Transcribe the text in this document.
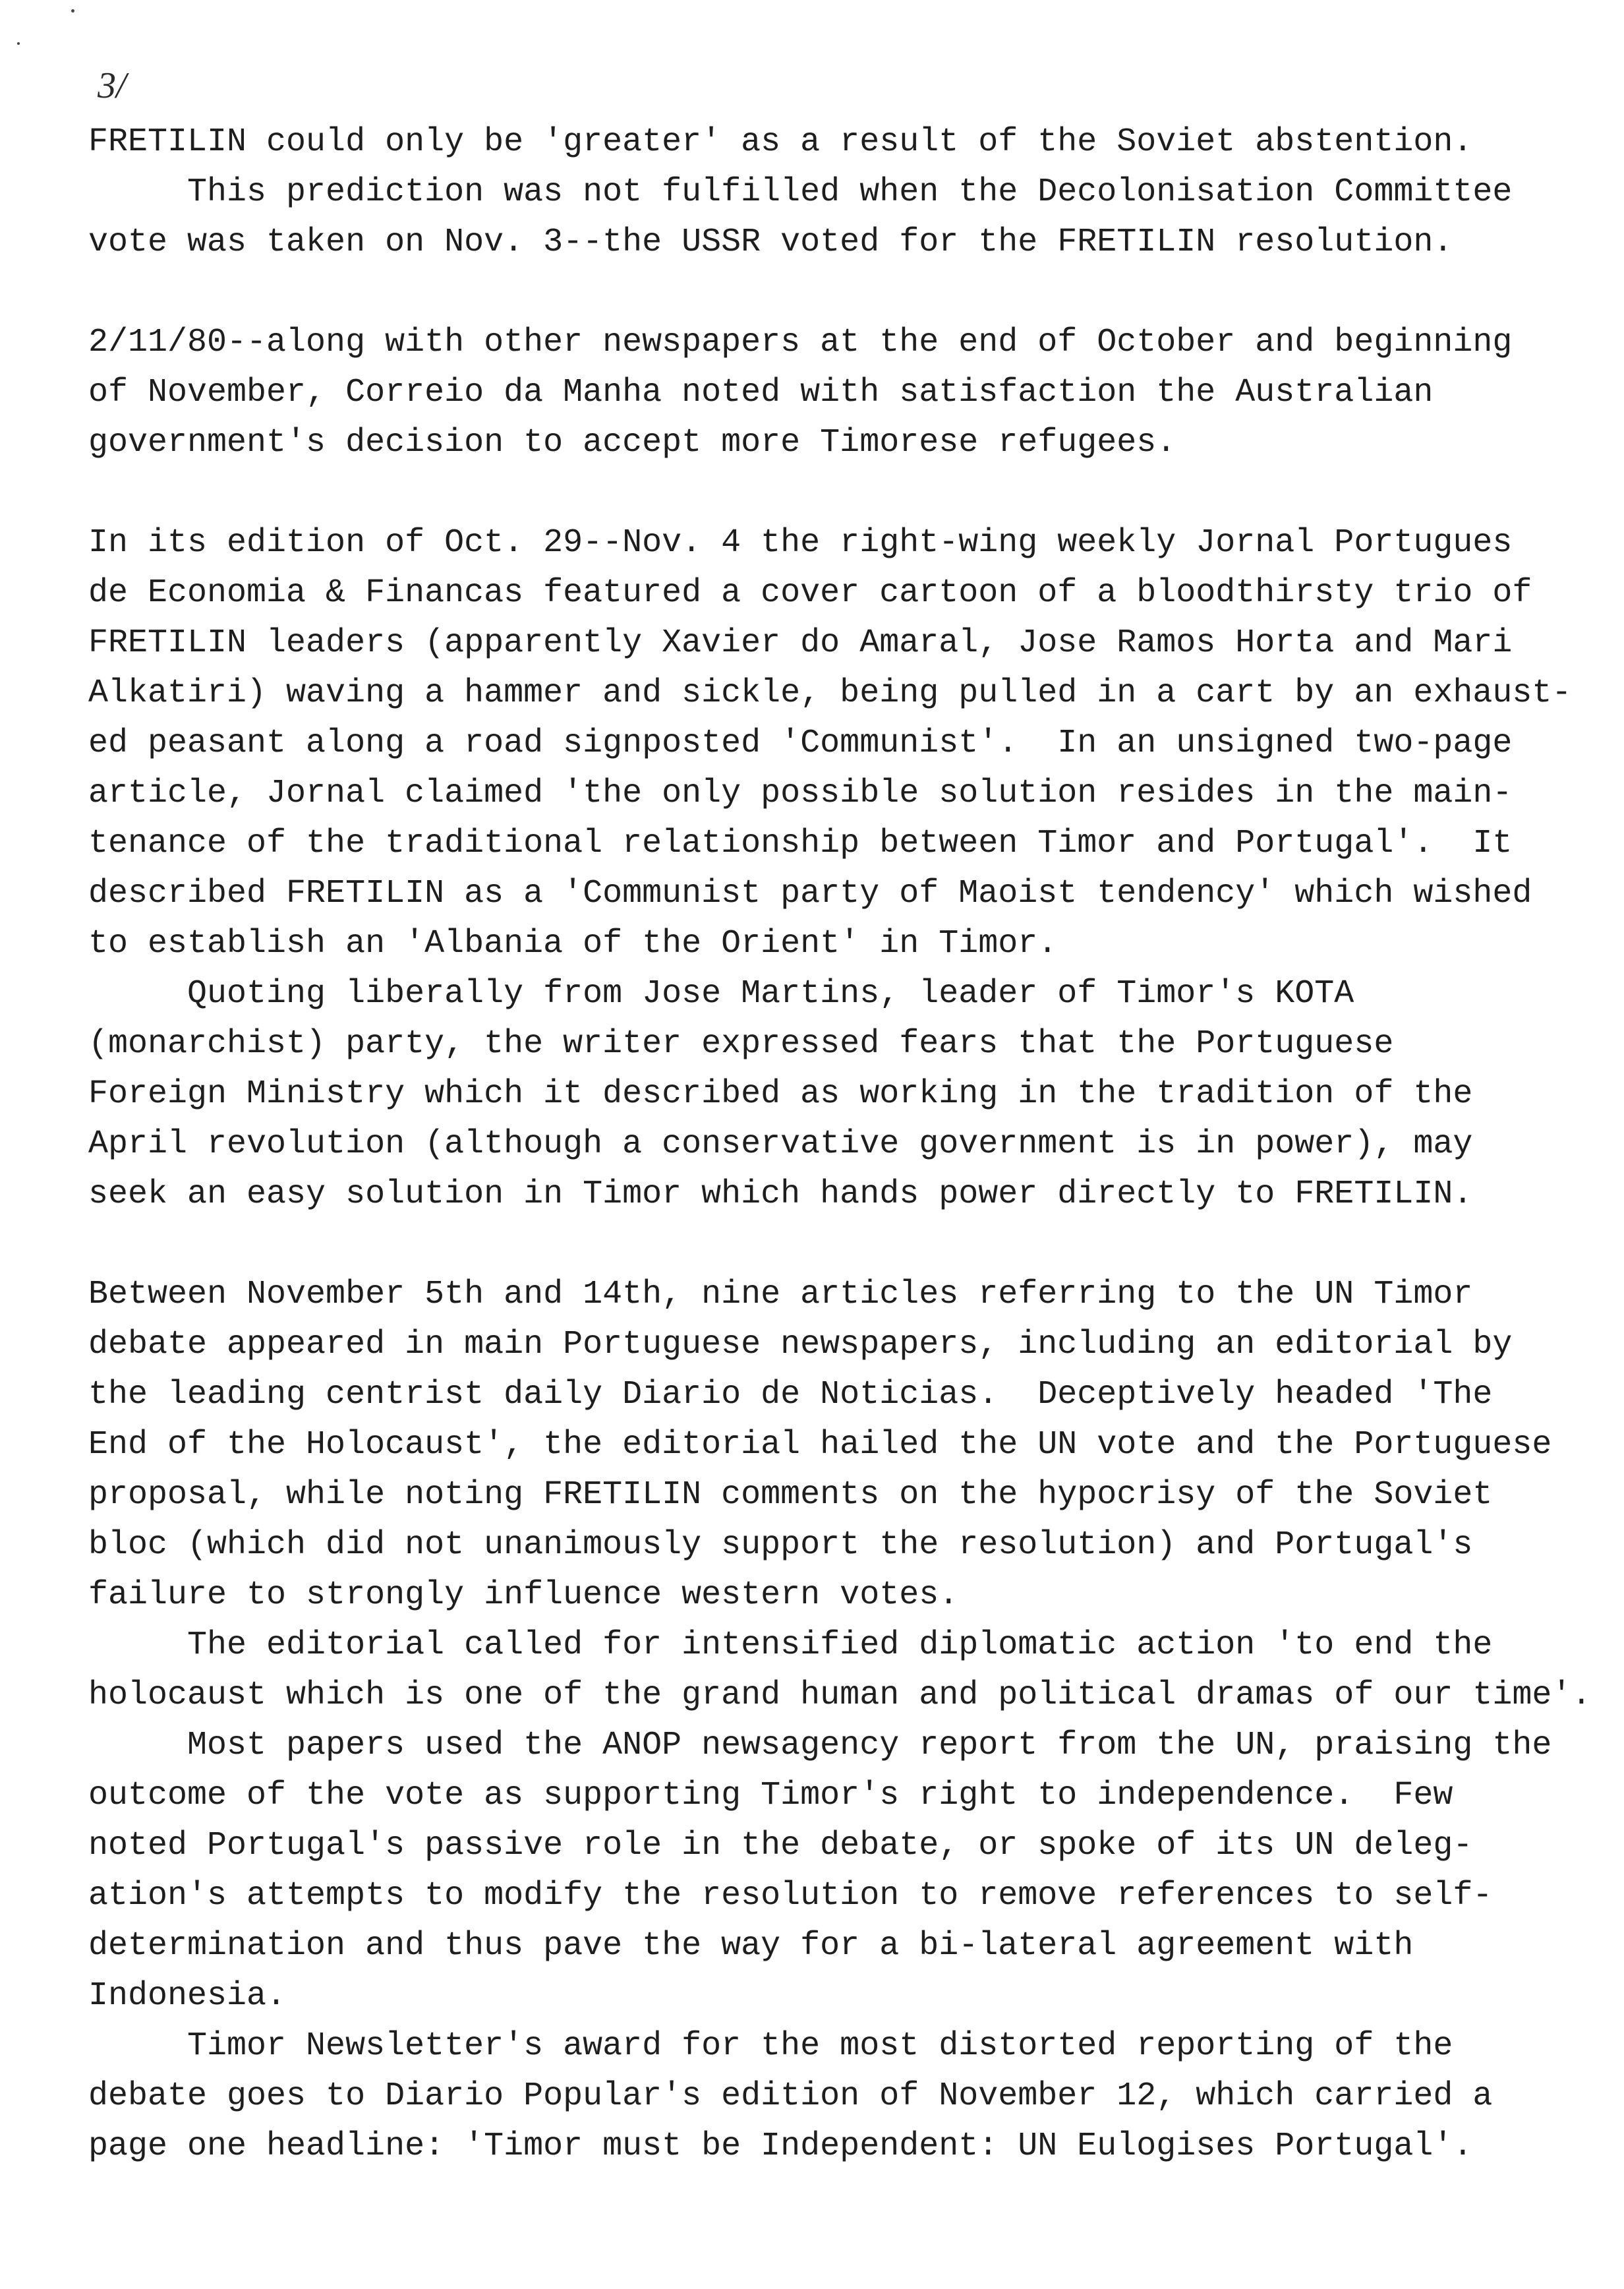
3/
FRETILIN could only be 'greater' as a result of the Soviet abstention.
This prediction was not fulfilled when the Decolonisation Committee
vote was taken on Nov. 3--the USSR voted for the FRETILIN resolution.
2/11/80--along with other newspapers at the end of October and beginning
of November, Correio da Manha noted with satisfaction the Australian
government's decision to accept more Timorese refugees.
In its edition of Oct. 29--Nov. 4 the right-wing weekly Jornal Portugues
de Economia & Financas featured a cover cartoon of a bloodthirsty trio of
FRETILIN leaders (apparently Xavier do Amaral, Jose Ramos Horta and Mari
Alkatiri) waving a hammer and sickle, being pulled in a cart by an exhaust-
ed peasant along a road signposted 'Communist'.  In an unsigned two-page
article, Jornal claimed 'the only possible solution resides in the main-
tenance of the traditional relationship between Timor and Portugal'.  It
described FRETILIN as a 'Communist party of Maoist tendency' which wished
to establish an 'Albania of the Orient' in Timor.
Quoting liberally from Jose Martins, leader of Timor's KOTA
(monarchist) party, the writer expressed fears that the Portuguese
Foreign Ministry which it described as working in the tradition of the
April revolution (although a conservative government is in power), may
seek an easy solution in Timor which hands power directly to FRETILIN.
Between November 5th and 14th, nine articles referring to the UN Timor
debate appeared in main Portuguese newspapers, including an editorial by
the leading centrist daily Diario de Noticias.  Deceptively headed 'The
End of the Holocaust', the editorial hailed the UN vote and the Portuguese
proposal, while noting FRETILIN comments on the hypocrisy of the Soviet
bloc (which did not unanimously support the resolution) and Portugal's
failure to strongly influence western votes.
The editorial called for intensified diplomatic action 'to end the
holocaust which is one of the grand human and political dramas of our time'.
Most papers used the ANOP newsagency report from the UN, praising the
outcome of the vote as supporting Timor's right to independence.  Few
noted Portugal's passive role in the debate, or spoke of its UN deleg-
ation's attempts to modify the resolution to remove references to self-
determination and thus pave the way for a bi-lateral agreement with
Indonesia.
Timor Newsletter's award for the most distorted reporting of the
debate goes to Diario Popular's edition of November 12, which carried a
page one headline: 'Timor must be Independent: UN Eulogises Portugal'.
